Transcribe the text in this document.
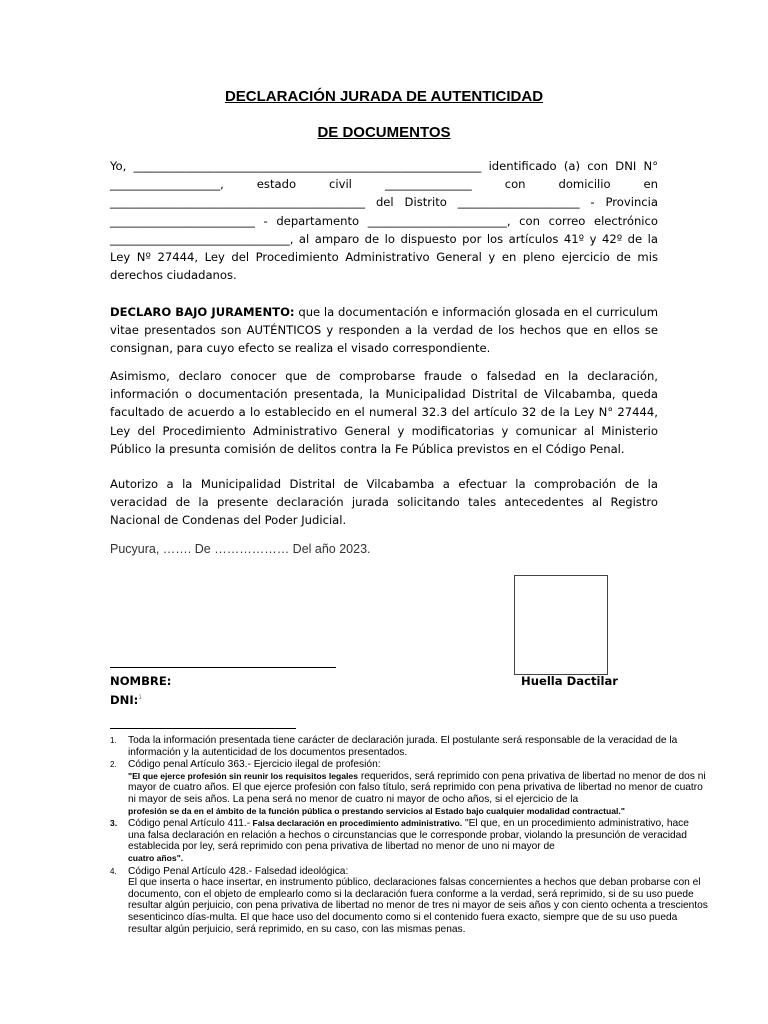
DECLARACIÓN JURADA DE AUTENTICIDAD
DE DOCUMENTOS
Yo, ____________________________________________________________ identificado (a) con DNI N° ___________________, estado civil _______________ con domicilio en ____________________________________________ del Distrito _____________________ - Provincia _________________________ - departamento ________________________, con correo electrónico _______________________________, al amparo de lo dispuesto por los artículos 41º y 42º de la Ley Nº 27444, Ley del Procedimiento Administrativo General y en pleno ejercicio de mis derechos ciudadanos.
DECLARO BAJO JURAMENTO: que la documentación e información glosada en el curriculum vitae presentados son AUTÉNTICOS y responden a la verdad de los hechos que en ellos se consignan, para cuyo efecto se realiza el visado correspondiente.
Asimismo, declaro conocer que de comprobarse fraude o falsedad en la declaración, información o documentación presentada, la Municipalidad Distrital de Vilcabamba, queda facultado de acuerdo a lo establecido en el numeral 32.3 del artículo 32 de la Ley N° 27444, Ley del Procedimiento Administrativo General y modificatorias y comunicar al Ministerio Público la presunta comisión de delitos contra la Fe Pública previstos en el Código Penal.
Autorizo a la Municipalidad Distrital de Vilcabamba a efectuar la comprobación de la veracidad de la presente declaración jurada solicitando tales antecedentes al Registro Nacional de Condenas del Poder Judicial.
Pucyura, ……. De ……………… Del año 2023.
NOMBRE:
DNI:$^1$
Huella Dactilar
1. Toda la información presentada tiene carácter de declaración jurada. El postulante será responsable de la veracidad de la información y la autenticidad de los documentos presentados.
2. Código penal Artículo 363.- Ejercicio ilegal de profesión:
"El que ejerce profesión sin reunir los requisitos legales requeridos, será reprimido con pena privativa de libertad no menor de dos ni mayor de cuatro años. El que ejerce profesión con falso título, será reprimido con pena privativa de libertad no menor de cuatro ni mayor de seis años. La pena será no menor de cuatro ni mayor de ocho años, si el ejercicio de la
profesión se da en el ámbito de la función pública o prestando servicios al Estado bajo cualquier modalidad contractual."
3. Código penal Artículo 411.- Falsa declaración en procedimiento administrativo. "El que, en un procedimiento administrativo, hace una falsa declaración en relación a hechos o circunstancias que le corresponde probar, violando la presunción de veracidad establecida por ley, será reprimido con pena privativa de libertad no menor de uno ni mayor de
cuatro años".
4. Código Penal Artículo 428.- Falsedad ideológica:
El que inserta o hace insertar, en instrumento público, declaraciones falsas concernientes a hechos que deban probarse con el documento, con el objeto de emplearlo como si la declaración fuera conforme a la verdad, será reprimido, si de su uso puede resultar algún perjuicio, con pena privativa de libertad no menor de tres ni mayor de seis años y con ciento ochenta a trescientos sesenticinco días-multa. El que hace uso del documento como si el contenido fuera exacto, siempre que de su uso pueda resultar algún perjuicio, será reprimido, en su caso, con las mismas penas.
